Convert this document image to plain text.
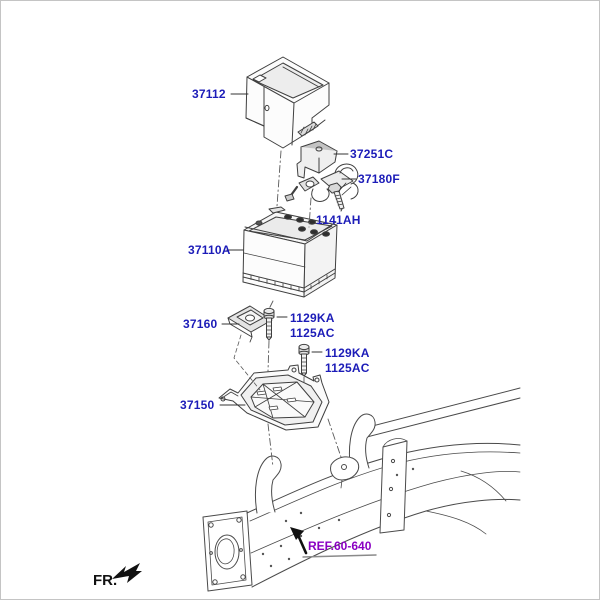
37112
37251C
37180F
1141AH
37110A
37160	1129KA
1125AC
1129KA
1125AC
37150
REF.60-640
FR.
